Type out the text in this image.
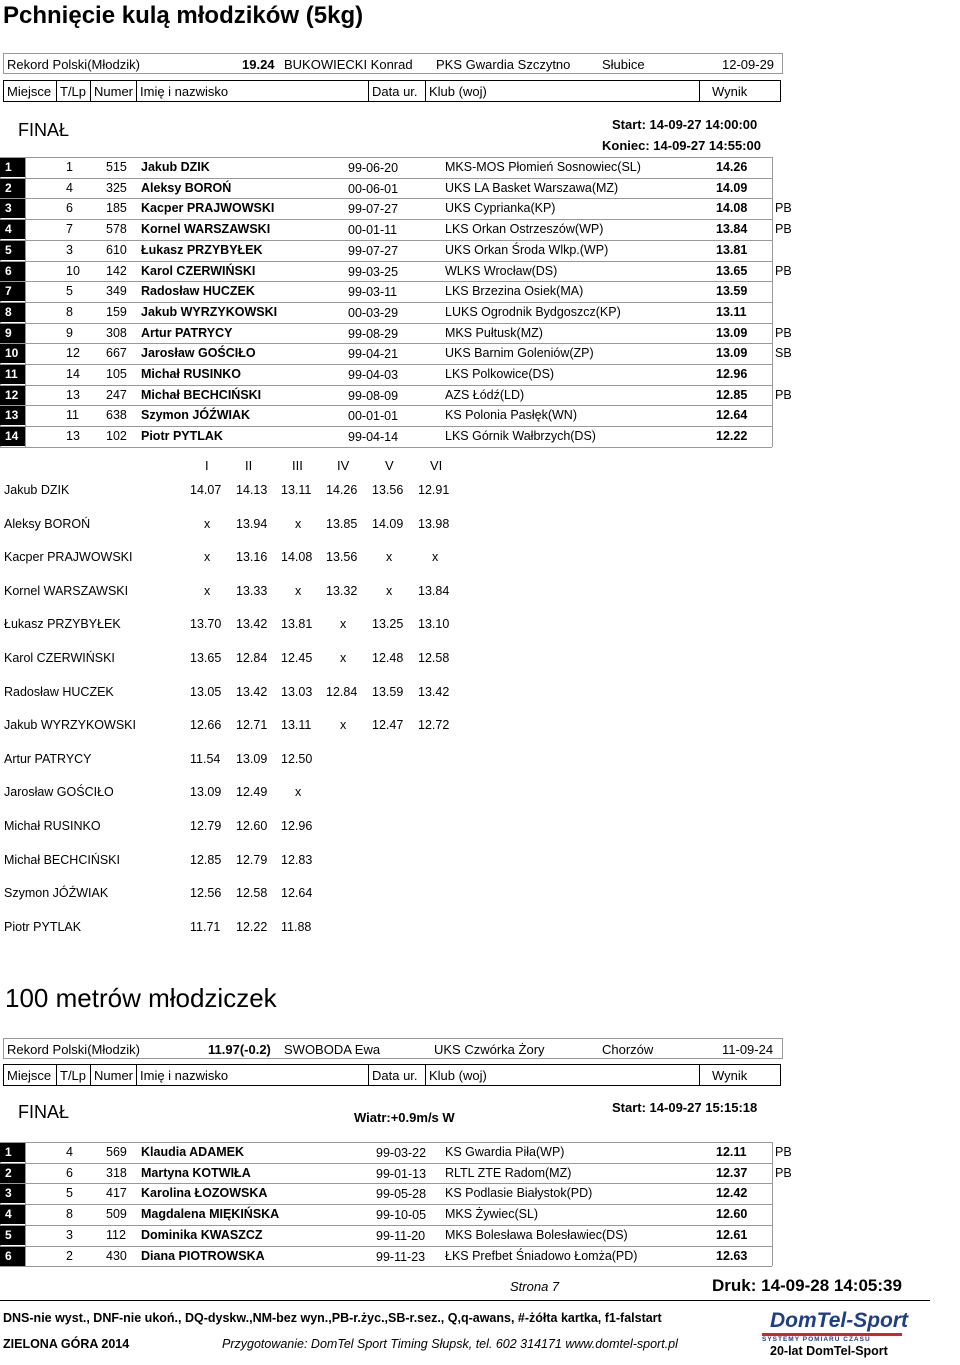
Pchnięcie kulą młodzików (5kg)
Rekord Polski(Młodzik)	19.24 BUKOWIECKI Konrad PKS Gwardia Szczytno Słubice	12-09-29
Miejsce T/Lp Numer Imię i nazwisko	Data ur. Klub (woj)	Wynik
FINAŁ	Start: 14-09-27 14:00:00
Koniec: 14-09-27 14:55:00
1	1	515 Jakub DZIK	99-06-20	MKS-MOS Płomień Sosnowiec(SL)	14.26
2	4	325 Aleksy BOROŃ	00-06-01	UKS LA Basket Warszawa(MZ)	14.09
3	6	185 Kacper PRAJWOWSKI	99-07-27	UKS Cyprianka(KP)	14.08 PB
4	7	578 Kornel WARSZAWSKI	00-01-11	LKS Orkan Ostrzeszów(WP)	13.84 PB
5	3	610 Łukasz PRZYBYŁEK	99-07-27	UKS Orkan Środa Wlkp.(WP)	13.81
6	10 142 Karol CZERWIŃSKI	99-03-25	WLKS Wrocław(DS)	13.65 PB
7	5	349 Radosław HUCZEK	99-03-11	LKS Brzezina Osiek(MA)	13.59
8	8	159 Jakub WYRZYKOWSKI	00-03-29	LUKS Ogrodnik Bydgoszcz(KP)	13.11
9	9	308 Artur PATRYCY	99-08-29	MKS Pułtusk(MZ)	13.09 PB
10	12 667 Jarosław GOŚCIŁO	99-04-21	UKS Barnim Goleniów(ZP)	13.09 SB
11	14 105 Michał RUSINKO	99-04-03	LKS Polkowice(DS)	12.96
12	13 247 Michał BECHCIŃSKI	99-08-09	AZS Łódź(LD)	12.85 PB
13	11 638 Szymon JÓŹWIAK	00-01-01	KS Polonia Pasłęk(WN)	12.64
14	13 102 Piotr PYTLAK	99-04-14	LKS Górnik Wałbrzych(DS)	12.22
I	II	III	IV	V	VI
Jakub DZIK	14.07 14.13 13.11 14.26 13.56 12.91
Aleksy BOROŃ	x 13.94 x 13.85 14.09 13.98
Kacper PRAJWOWSKI	x 13.16 14.08 13.56 x	x
Kornel WARSZAWSKI	x 13.33 x 13.32 x 13.84
Łukasz PRZYBYŁEK	13.70 13.42 13.81 x 13.25 13.10
Karol CZERWIŃSKI	13.65 12.84 12.45 x 12.48 12.58
Radosław HUCZEK	13.05 13.42 13.03 12.84 13.59 13.42
Jakub WYRZYKOWSKI	12.66 12.71 13.11 x 12.47 12.72
Artur PATRYCY	11.54 13.09 12.50
Jarosław GOŚCIŁO	13.09 12.49 x
Michał RUSINKO	12.79 12.60 12.96
Michał BECHCIŃSKI	12.85 12.79 12.83
Szymon JÓŹWIAK	12.56 12.58 12.64
Piotr PYTLAK	11.71 12.22 11.88
100 metrów młodziczek
Rekord Polski(Młodzik)	11.97(-0.2) SWOBODA Ewa	UKS Czwórka Żory	Chorzów	11-09-24
Miejsce T/Lp Numer Imię i nazwisko	Data ur. Klub (woj)	Wynik
FINAŁ	Wiatr:+0.9m/s W
Start: 14-09-27 15:15:18
1	4	569 Klaudia ADAMEK	99-03-22 KS Gwardia Piła(WP)	12.11 PB
2	6	318 Martyna KOTWIŁA	99-01-13 RLTL ZTE Radom(MZ)	12.37 PB
3	5	417 Karolina ŁOZOWSKA	99-05-28 KS Podlasie Białystok(PD)	12.42
4	8	509 Magdalena MIĘKIŃSKA	99-10-05 MKS Żywiec(SL)	12.60
5	3	112 Dominika KWASZCZ	99-11-20 MKS Bolesława Bolesławiec(DS)	12.61
6	2	430 Diana PIOTROWSKA	99-11-23 ŁKS Prefbet Śniadowo Łomża(PD)	12.63
Strona 7	Druk: 14-09-28 14:05:39
DNS-nie wyst., DNF-nie ukoń., DQ-dyskw.,NM-bez wyn.,PB-r.życ.,SB-r.sez., Q,q-awans, #-żółta kartka, f1-falstart
ZIELONA GÓRA 2014	Przygotowanie: DomTel Sport Timing Słupsk, tel. 602 314171 www.domtel-sport.pl
DomTel-Sport
SYSTEMY POMIARU CZASU
20-lat DomTel-Sport
